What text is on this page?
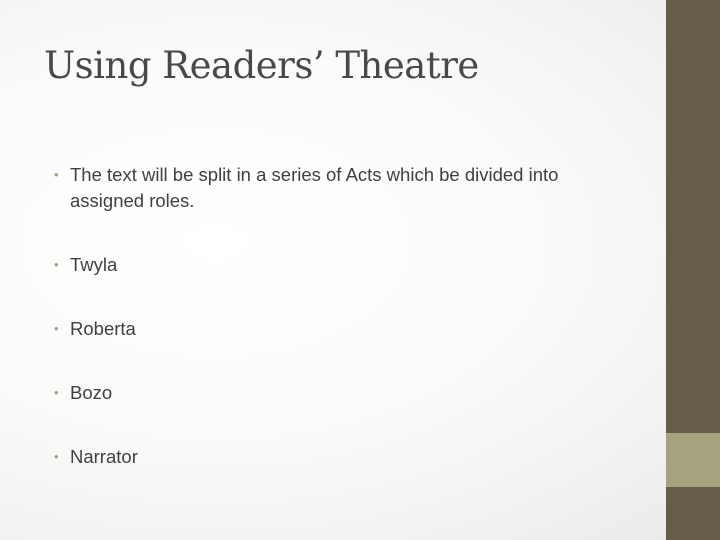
Using Readers’ Theatre
• The text will be split in a series of Acts which be divided into assigned roles.
• Twyla
• Roberta
• Bozo
• Narrator
